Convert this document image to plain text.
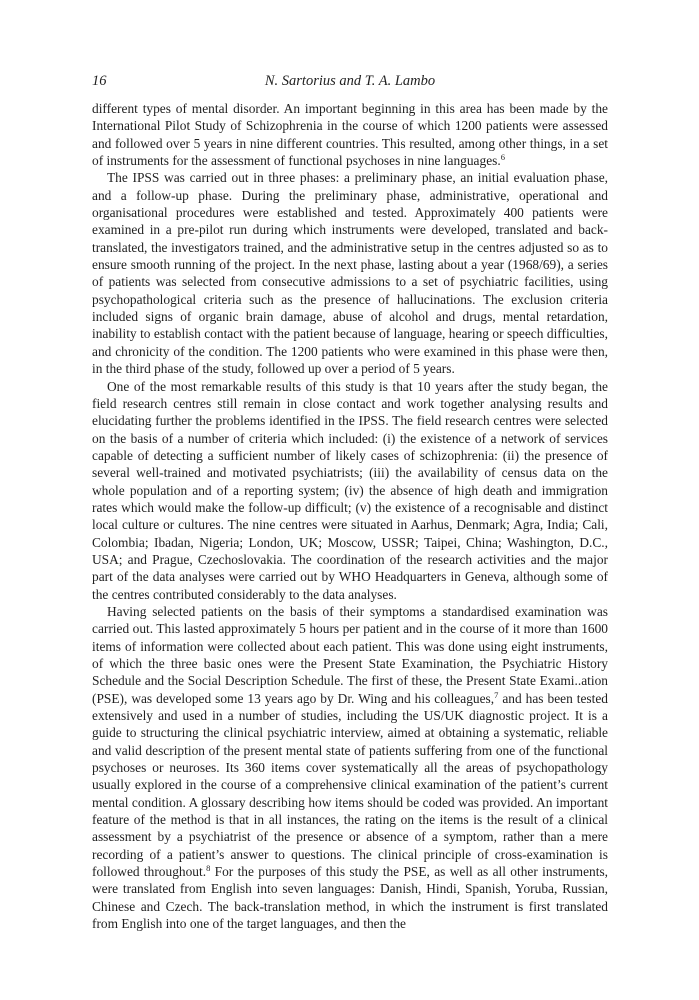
16	N. Sartorius and T. A. Lambo

different types of mental disorder. An important beginning in this area has been made by the International Pilot Study of Schizophrenia in the course of which 1200 patients were assessed and followed over 5 years in nine different countries. This resulted, among other things, in a set of instruments for the assessment of functional psychoses in nine languages.$^6$

The IPSS was carried out in three phases: a preliminary phase, an initial evaluation phase, and a follow-up phase. During the preliminary phase, administrative, operational and organisational procedures were established and tested. Approximately 400 patients were examined in a pre-pilot run during which instruments were developed, translated and back-translated, the investigators trained, and the administrative setup in the centres adjusted so as to ensure smooth running of the project. In the next phase, lasting about a year (1968/69), a series of patients was selected from consecutive admissions to a set of psychiatric facilities, using psychopathological criteria such as the presence of hallucinations. The exclusion criteria included signs of organic brain damage, abuse of alcohol and drugs, mental retardation, inability to establish contact with the patient because of language, hearing or speech difficulties, and chronicity of the condition. The 1200 patients who were examined in this phase were then, in the third phase of the study, followed up over a period of 5 years.

One of the most remarkable results of this study is that 10 years after the study began, the field research centres still remain in close contact and work together analysing results and elucidating further the problems identified in the IPSS. The field research centres were selected on the basis of a number of criteria which included: (i) the existence of a network of services capable of detecting a sufficient number of likely cases of schizophrenia: (ii) the presence of several well-trained and motivated psychiatrists; (iii) the availability of census data on the whole population and of a reporting system; (iv) the absence of high death and immigration rates which would make the follow-up difficult; (v) the existence of a recognisable and distinct local culture or cultures. The nine centres were situated in Aarhus, Denmark; Agra, India; Cali, Colombia; Ibadan, Nigeria; London, UK; Moscow, USSR; Taipei, China; Washington, D.C., USA; and Prague, Czechoslovakia. The coordination of the research activities and the major part of the data analyses were carried out by WHO Headquarters in Geneva, although some of the centres contributed considerably to the data analyses.

Having selected patients on the basis of their symptoms a standardised examination was carried out. This lasted approximately 5 hours per patient and in the course of it more than 1600 items of information were collected about each patient. This was done using eight instruments, of which the three basic ones were the Present State Examination, the Psychiatric History Schedule and the Social Description Schedule. The first of these, the Present State Exami..ation (PSE), was developed some 13 years ago by Dr. Wing and his colleagues,$^7$ and has been tested extensively and used in a number of studies, including the US/UK diagnostic project. It is a guide to structuring the clinical psychiatric interview, aimed at obtaining a systematic, reliable and valid description of the present mental state of patients suffering from one of the functional psychoses or neuroses. Its 360 items cover systematically all the areas of psychopathology usually explored in the course of a comprehensive clinical examination of the patient’s current mental condition. A glossary describing how items should be coded was provided. An important feature of the method is that in all instances, the rating on the items is the result of a clinical assessment by a psychiatrist of the presence or absence of a symptom, rather than a mere recording of a patient’s answer to questions. The clinical principle of cross-examination is followed throughout.$^8$ For the purposes of this study the PSE, as well as all other instruments, were translated from English into seven languages: Danish, Hindi, Spanish, Yoruba, Russian, Chinese and Czech. The back-translation method, in which the instrument is first translated from English into one of the target languages, and then the
